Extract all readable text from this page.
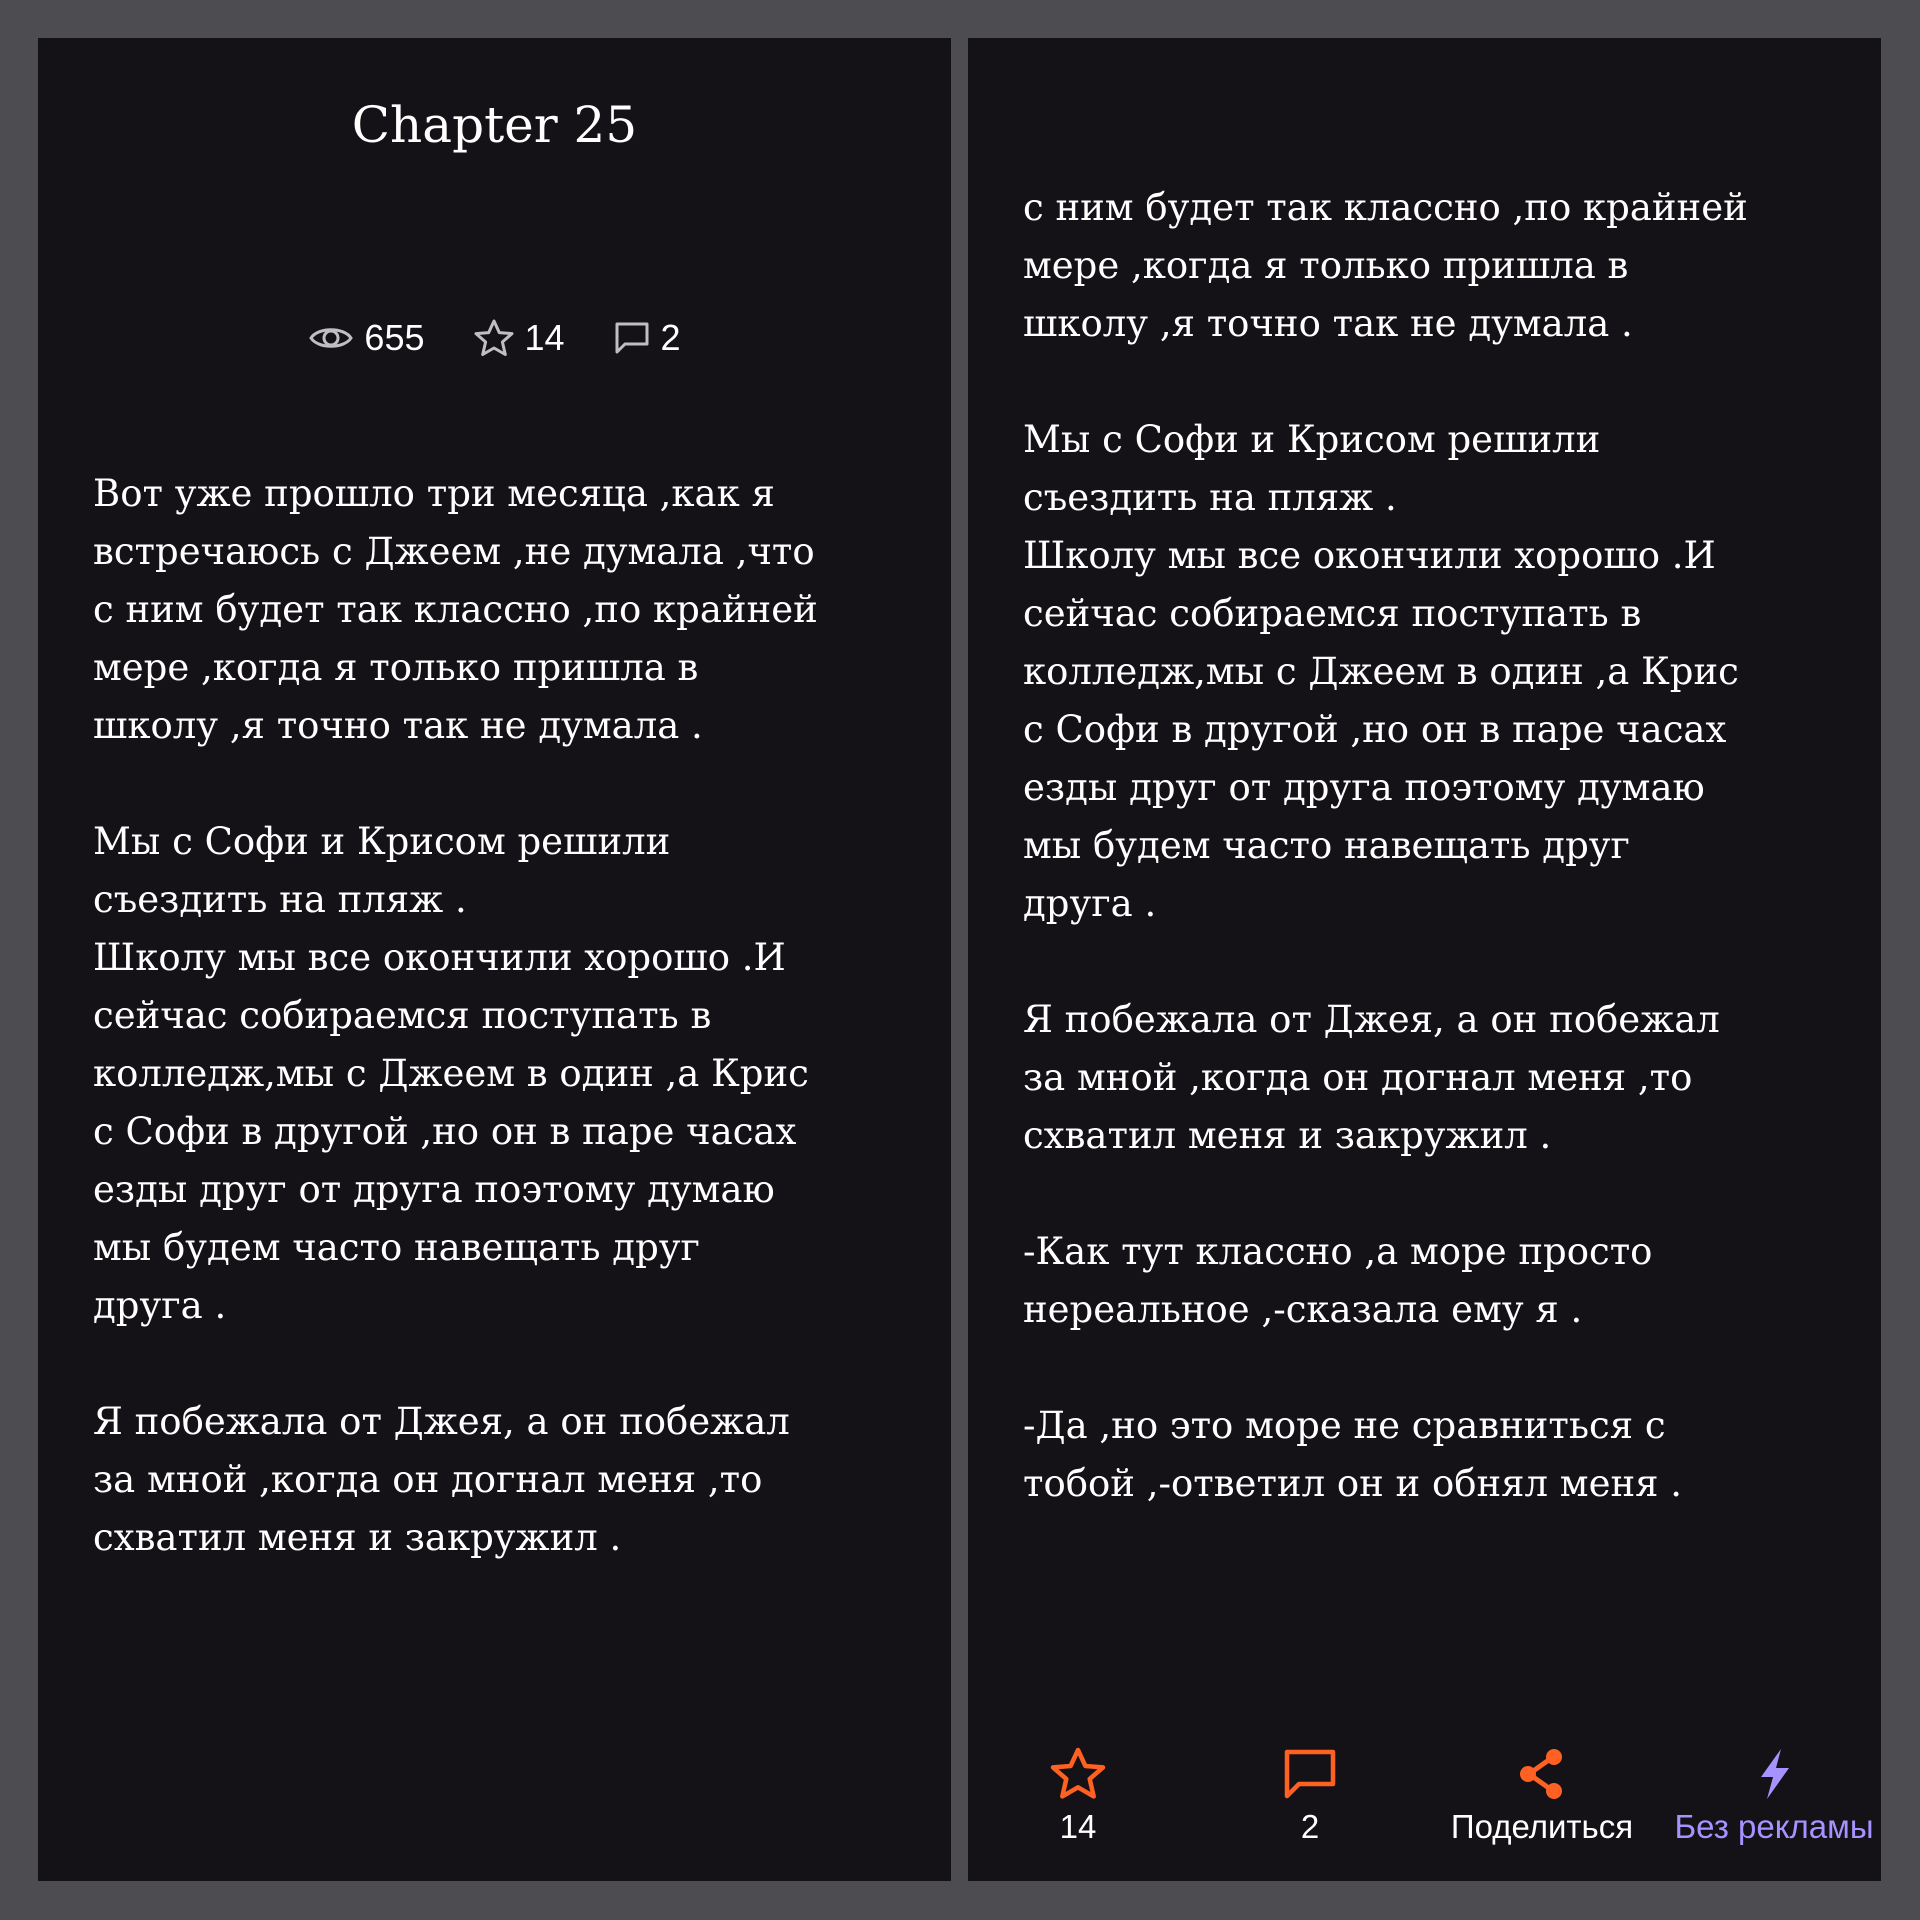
Chapter 25
655	14	2

Вот уже прошло три месяца ,как я
встречаюсь с Джеем ,не думала ,что
с ним будет так классно ,по крайней
мере ,когда я только пришла в
школу ,я точно так не думала .

Мы с Софи и Крисом решили
съездить на пляж .

Школу мы все окончили хорошо .И
сейчас собираемся поступать в
колледж,мы с Джеем в один ,а Крис
с Софи в другой ,но он в паре часах
езды друг от друга поэтому думаю
мы будем часто навещать друг
друга .

Я побежала от Джея, а он побежал
за мной ,когда он догнал меня ,то
схватил меня и закружил .

с ним будет так классно ,по крайней
мере ,когда я только пришла в
школу ,я точно так не думала .

Мы с Софи и Крисом решили
съездить на пляж .

Школу мы все окончили хорошо .И
сейчас собираемся поступать в
колледж,мы с Джеем в один ,а Крис
с Софи в другой ,но он в паре часах
езды друг от друга поэтому думаю
мы будем часто навещать друг
друга .

Я побежала от Джея, а он побежал
за мной ,когда он догнал меня ,то
схватил меня и закружил .

-Как тут классно ,а море просто
нереальное ,-сказала ему я .

-Да ,но это море не сравниться с
тобой ,-ответил он и обнял меня .

14	2	Поделиться	Без рекламы
